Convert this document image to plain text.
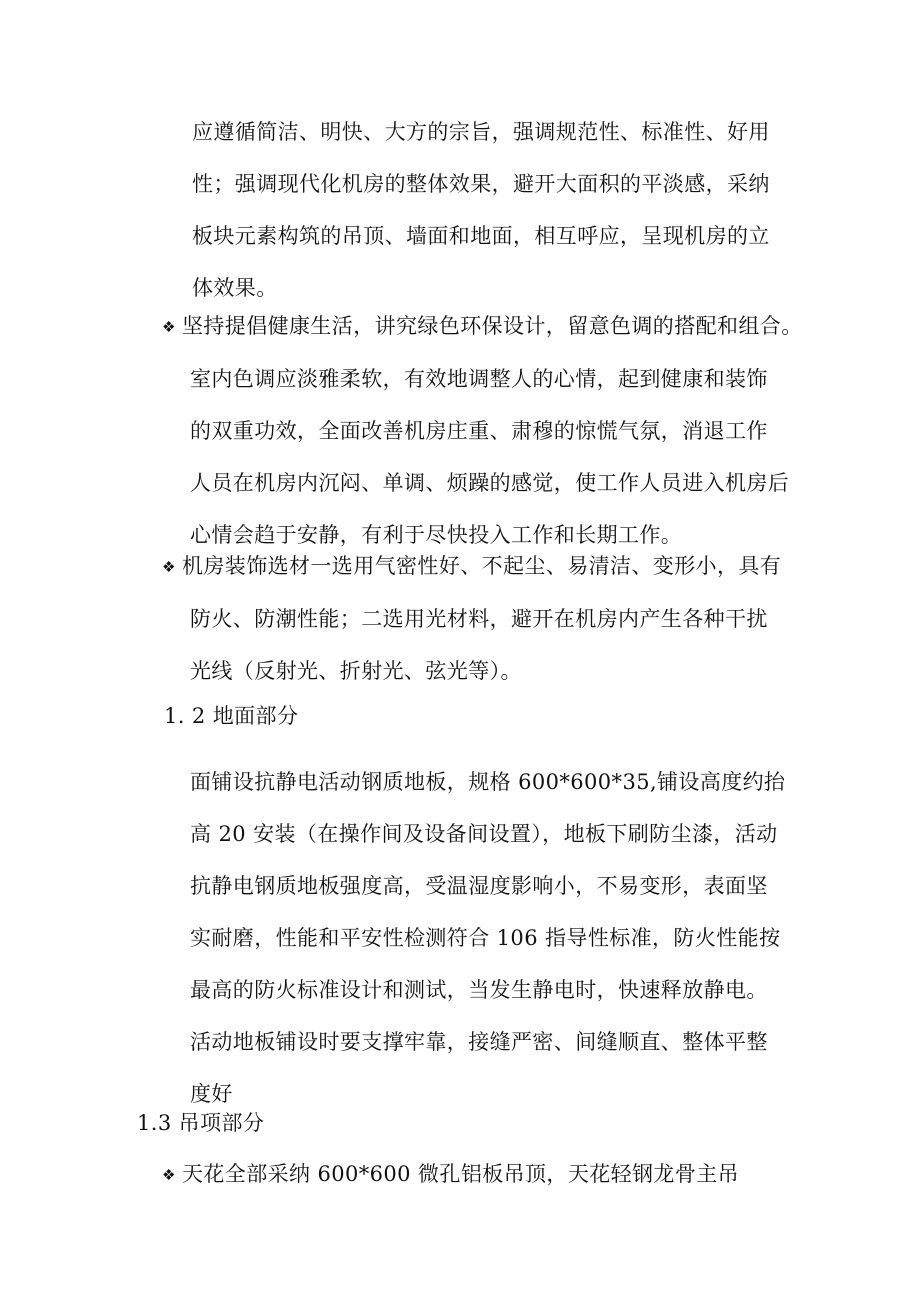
应遵循简洁、明快、大方的宗旨，强调规范性、标准性、好用
性；强调现代化机房的整体效果，避开大面积的平淡感，采纳
板块元素构筑的吊顶、墙面和地面，相互呼应，呈现机房的立
体效果。
❖ 坚持提倡健康生活，讲究绿色环保设计，留意色调的搭配和组合。
室内色调应淡雅柔软，有效地调整人的心情，起到健康和装饰
的双重功效，全面改善机房庄重、肃穆的惊慌气氛，消退工作
人员在机房内沉闷、单调、烦躁的感觉，使工作人员进入机房后
心情会趋于安静，有利于尽快投入工作和长期工作。
❖ 机房装饰选材一选用气密性好、不起尘、易清洁、变形小，具有
防火、防潮性能；二选用光材料，避开在机房内产生各种干扰
光线（反射光、折射光、弦光等）。
1. 2 地面部分
面铺设抗静电活动钢质地板，规格 600*600*35,铺设高度约抬
高 20 安装（在操作间及设备间设置），地板下刷防尘漆，活动
抗静电钢质地板强度高，受温湿度影响小，不易变形，表面坚
实耐磨，性能和平安性检测符合 106 指导性标准，防火性能按
最高的防火标准设计和测试，当发生静电时，快速释放静电。
活动地板铺设时要支撑牢靠，接缝严密、间缝顺直、整体平整
度好
1.3 吊项部分
❖ 天花全部采纳 600*600 微孔铝板吊顶，天花轻钢龙骨主吊
